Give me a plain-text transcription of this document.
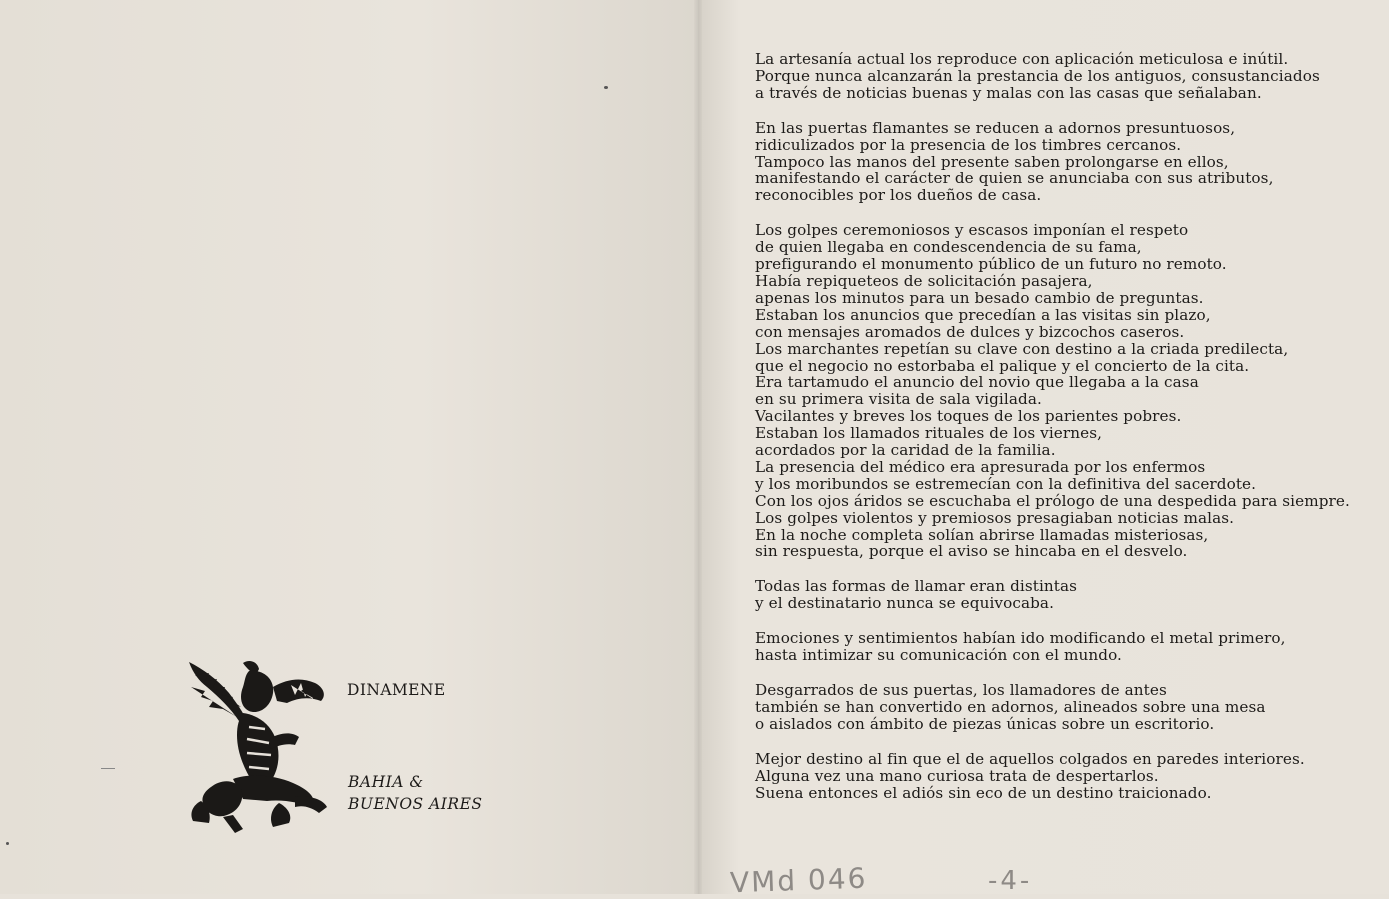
La artesanía actual los reproduce con aplicación meticulosa e inútil.
Porque nunca alcanzarán la prestancia de los antiguos, consustanciados
a través de noticias buenas y malas con las casas que señalaban.
En las puertas flamantes se reducen a adornos presuntuosos,
ridiculizados por la presencia de los timbres cercanos.
Tampoco las manos del presente saben prolongarse en ellos,
manifestando el carácter de quien se anunciaba con sus atributos,
reconocibles por los dueños de casa.
Los golpes ceremoniosos y escasos imponían el respeto
de quien llegaba en condescendencia de su fama,
prefigurando el monumento público de un futuro no remoto.
Había repiqueteos de solicitación pasajera,
apenas los minutos para un besado cambio de preguntas.
Estaban los anuncios que precedían a las visitas sin plazo,
con mensajes aromados de dulces y bizcochos caseros.
Los marchantes repetían su clave con destino a la criada predilecta,
que el negocio no estorbaba el palique y el concierto de la cita.
Era tartamudo el anuncio del novio que llegaba a la casa
en su primera visita de sala vigilada.
Vacilantes y breves los toques de los parientes pobres.
Estaban los llamados rituales de los viernes,
acordados por la caridad de la familia.
La presencia del médico era apresurada por los enfermos
y los moribundos se estremecían con la definitiva del sacerdote.
Con los ojos áridos se escuchaba el prólogo de una despedida para siempre.
Los golpes violentos y premiosos presagiaban noticias malas.
En la noche completa solían abrirse llamadas misteriosas,
sin respuesta, porque el aviso se hincaba en el desvelo.
Todas las formas de llamar eran distintas
y el destinatario nunca se equivocaba.
Emociones y sentimientos habían ido modificando el metal primero,
hasta intimizar su comunicación con el mundo.
Desgarrados de sus puertas, los llamadores de antes
también se han convertido en adornos, alineados sobre una mesa
o aislados con ámbito de piezas únicas sobre un escritorio.
Mejor destino al fin que el de aquellos colgados en paredes interiores.
Alguna vez una mano curiosa trata de despertarlos.
Suena entonces el adiós sin eco de un destino traicionado.
DINAMENE
BAHIA &
BUENOS AIRES
VMd 046	-4-
